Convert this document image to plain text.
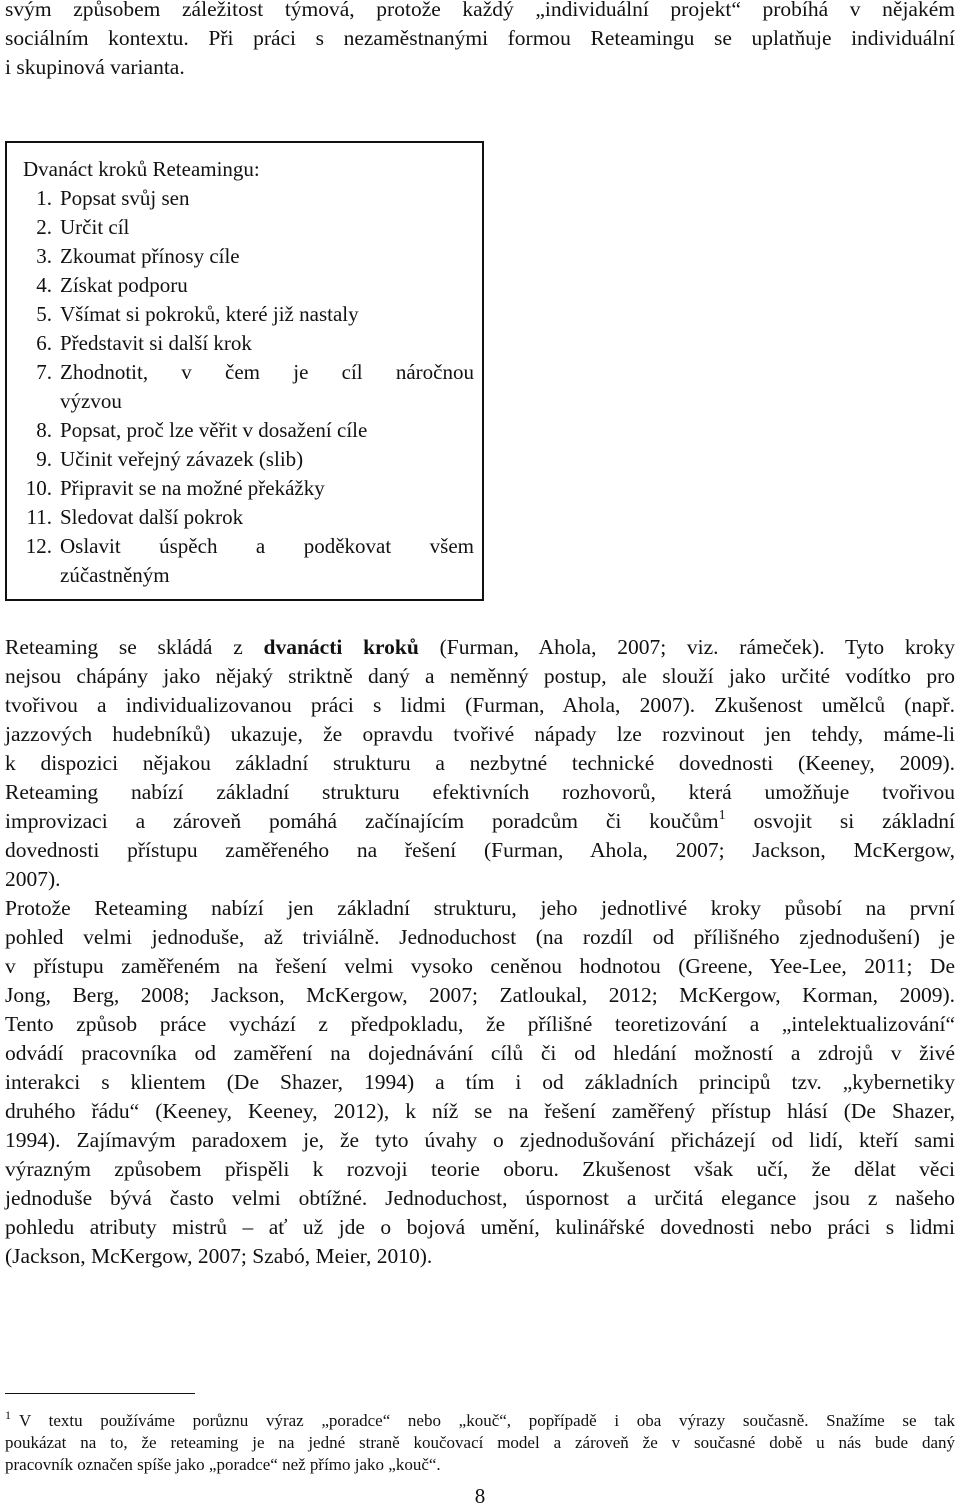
svým způsobem záležitost týmová, protože každý „individuální projekt“ probíhá v nějakém

sociálním kontextu. Při práci s nezaměstnanými formou Reteamingu se uplatňuje individuální

i skupinová varianta.

Dvanáct kroků Reteamingu:
1. Popsat svůj sen
2. Určit cíl
3. Zkoumat přínosy cíle
4. Získat podporu
5. Všímat si pokroků, které již nastaly
6. Představit si další krok
7. Zhodnotit, v čem je cíl náročnou
výzvou
8. Popsat, proč lze věřit v dosažení cíle
9. Učinit veřejný závazek (slib)
10. Připravit se na možné překážky
11. Sledovat další pokrok
12. Oslavit úspěch a poděkovat všem
zúčastněným

Reteaming se skládá z dvanácti kroků (Furman, Ahola, 2007; viz. rámeček). Tyto kroky

nejsou chápány jako nějaký striktně daný a neměnný postup, ale slouží jako určité vodítko pro

tvořivou a individualizovanou práci s lidmi (Furman, Ahola, 2007). Zkušenost umělců (např.

jazzových hudebníků) ukazuje, že opravdu tvořivé nápady lze rozvinout jen tehdy, máme-li

k dispozici nějakou základní strukturu a nezbytné technické dovednosti (Keeney, 2009).

Reteaming nabízí základní strukturu efektivních rozhovorů, která umožňuje tvořivou

improvizaci a zároveň pomáhá začínajícím poradcům či koučům$^1$ osvojit si základní

dovednosti přístupu zaměřeného na řešení (Furman, Ahola, 2007; Jackson, McKergow,

2007).

Protože Reteaming nabízí jen základní strukturu, jeho jednotlivé kroky působí na první

pohled velmi jednoduše, až triviálně. Jednoduchost (na rozdíl od přílišného zjednodušení) je

v přístupu zaměřeném na řešení velmi vysoko ceněnou hodnotou (Greene, Yee-Lee, 2011; De

Jong, Berg, 2008; Jackson, McKergow, 2007; Zatloukal, 2012; McKergow, Korman, 2009).

Tento způsob práce vychází z předpokladu, že přílišné teoretizování a „intelektualizování“

odvádí pracovníka od zaměření na dojednávání cílů či od hledání možností a zdrojů v živé

interakci s klientem (De Shazer, 1994) a tím i od základních principů tzv. „kybernetiky

druhého řádu“ (Keeney, Keeney, 2012), k níž se na řešení zaměřený přístup hlásí (De Shazer,

1994). Zajímavým paradoxem je, že tyto úvahy o zjednodušování přicházejí od lidí, kteří sami

výrazným způsobem přispěli k rozvoji teorie oboru. Zkušenost však učí, že dělat věci

jednoduše bývá často velmi obtížné. Jednoduchost, úspornost a určitá elegance jsou z našeho

pohledu atributy mistrů – ať už jde o bojová umění, kulinářské dovednosti nebo práci s lidmi

(Jackson, McKergow, 2007; Szabó, Meier, 2010).

$^1$ V textu používáme porůznu výraz „poradce“ nebo „kouč“, popřípadě i oba výrazy současně. Snažíme se tak

poukázat na to, že reteaming je na jedné straně koučovací model a zároveň že v současné době u nás bude daný

pracovník označen spíše jako „poradce“ než přímo jako „kouč“.

8
